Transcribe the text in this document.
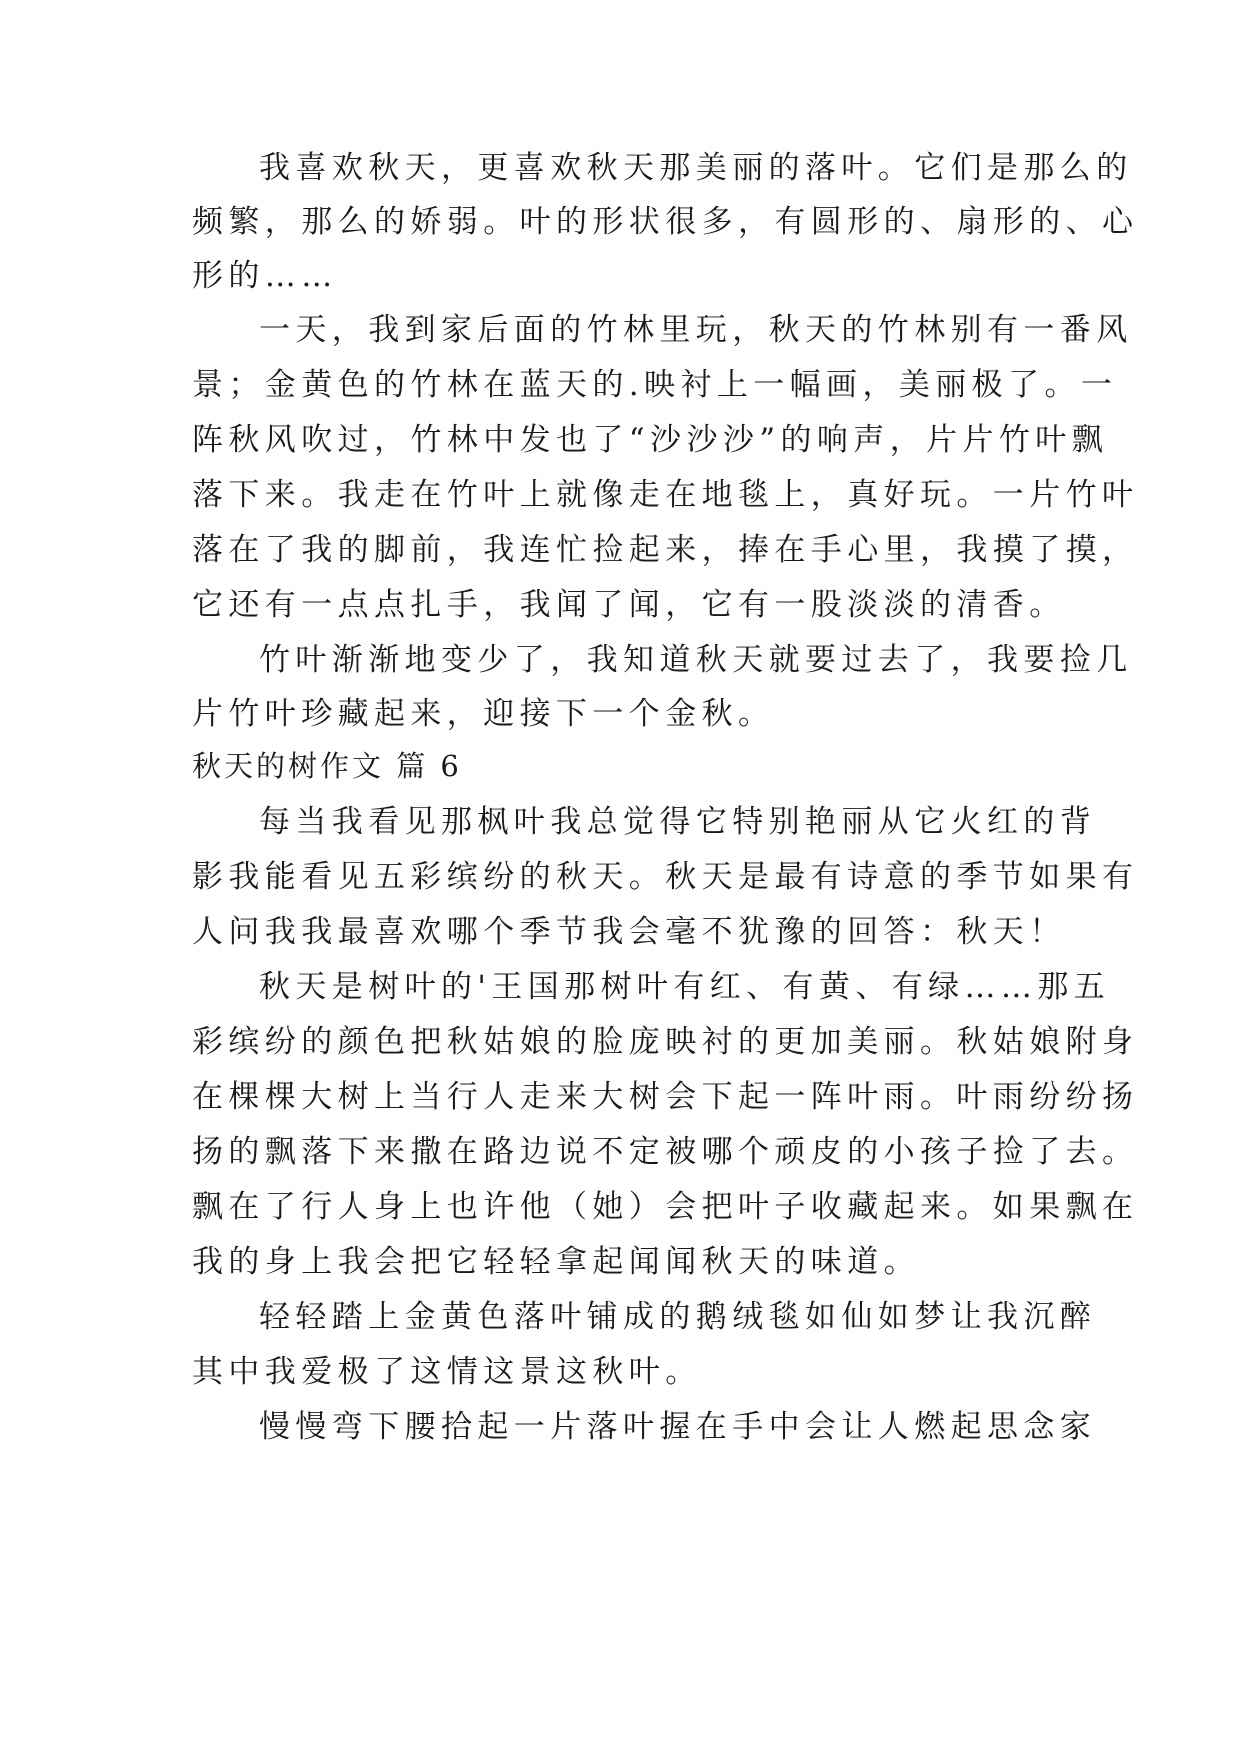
我喜欢秋天，更喜欢秋天那美丽的落叶。它们是那么的
频繁，那么的娇弱。叶的形状很多，有圆形的、扇形的、心
形的……
一天，我到家后面的竹林里玩，秋天的竹林别有一番风
景；金黄色的竹林在蓝天的.映衬上一幅画，美丽极了。一
阵秋风吹过，竹林中发也了“沙沙沙”的响声，片片竹叶飘
落下来。我走在竹叶上就像走在地毯上，真好玩。一片竹叶
落在了我的脚前，我连忙捡起来，捧在手心里，我摸了摸，
它还有一点点扎手，我闻了闻，它有一股淡淡的清香。
竹叶渐渐地变少了，我知道秋天就要过去了，我要捡几
片竹叶珍藏起来，迎接下一个金秋。
秋天的树作文 篇 6
每当我看见那枫叶我总觉得它特别艳丽从它火红的背
影我能看见五彩缤纷的秋天。秋天是最有诗意的季节如果有
人问我我最喜欢哪个季节我会毫不犹豫的回答：秋天！
秋天是树叶的'王国那树叶有红、有黄、有绿……那五
彩缤纷的颜色把秋姑娘的脸庞映衬的更加美丽。秋姑娘附身
在棵棵大树上当行人走来大树会下起一阵叶雨。叶雨纷纷扬
扬的飘落下来撒在路边说不定被哪个顽皮的小孩子捡了去。
飘在了行人身上也许他（她）会把叶子收藏起来。如果飘在
我的身上我会把它轻轻拿起闻闻秋天的味道。
轻轻踏上金黄色落叶铺成的鹅绒毯如仙如梦让我沉醉
其中我爱极了这情这景这秋叶。
慢慢弯下腰拾起一片落叶握在手中会让人燃起思念家
